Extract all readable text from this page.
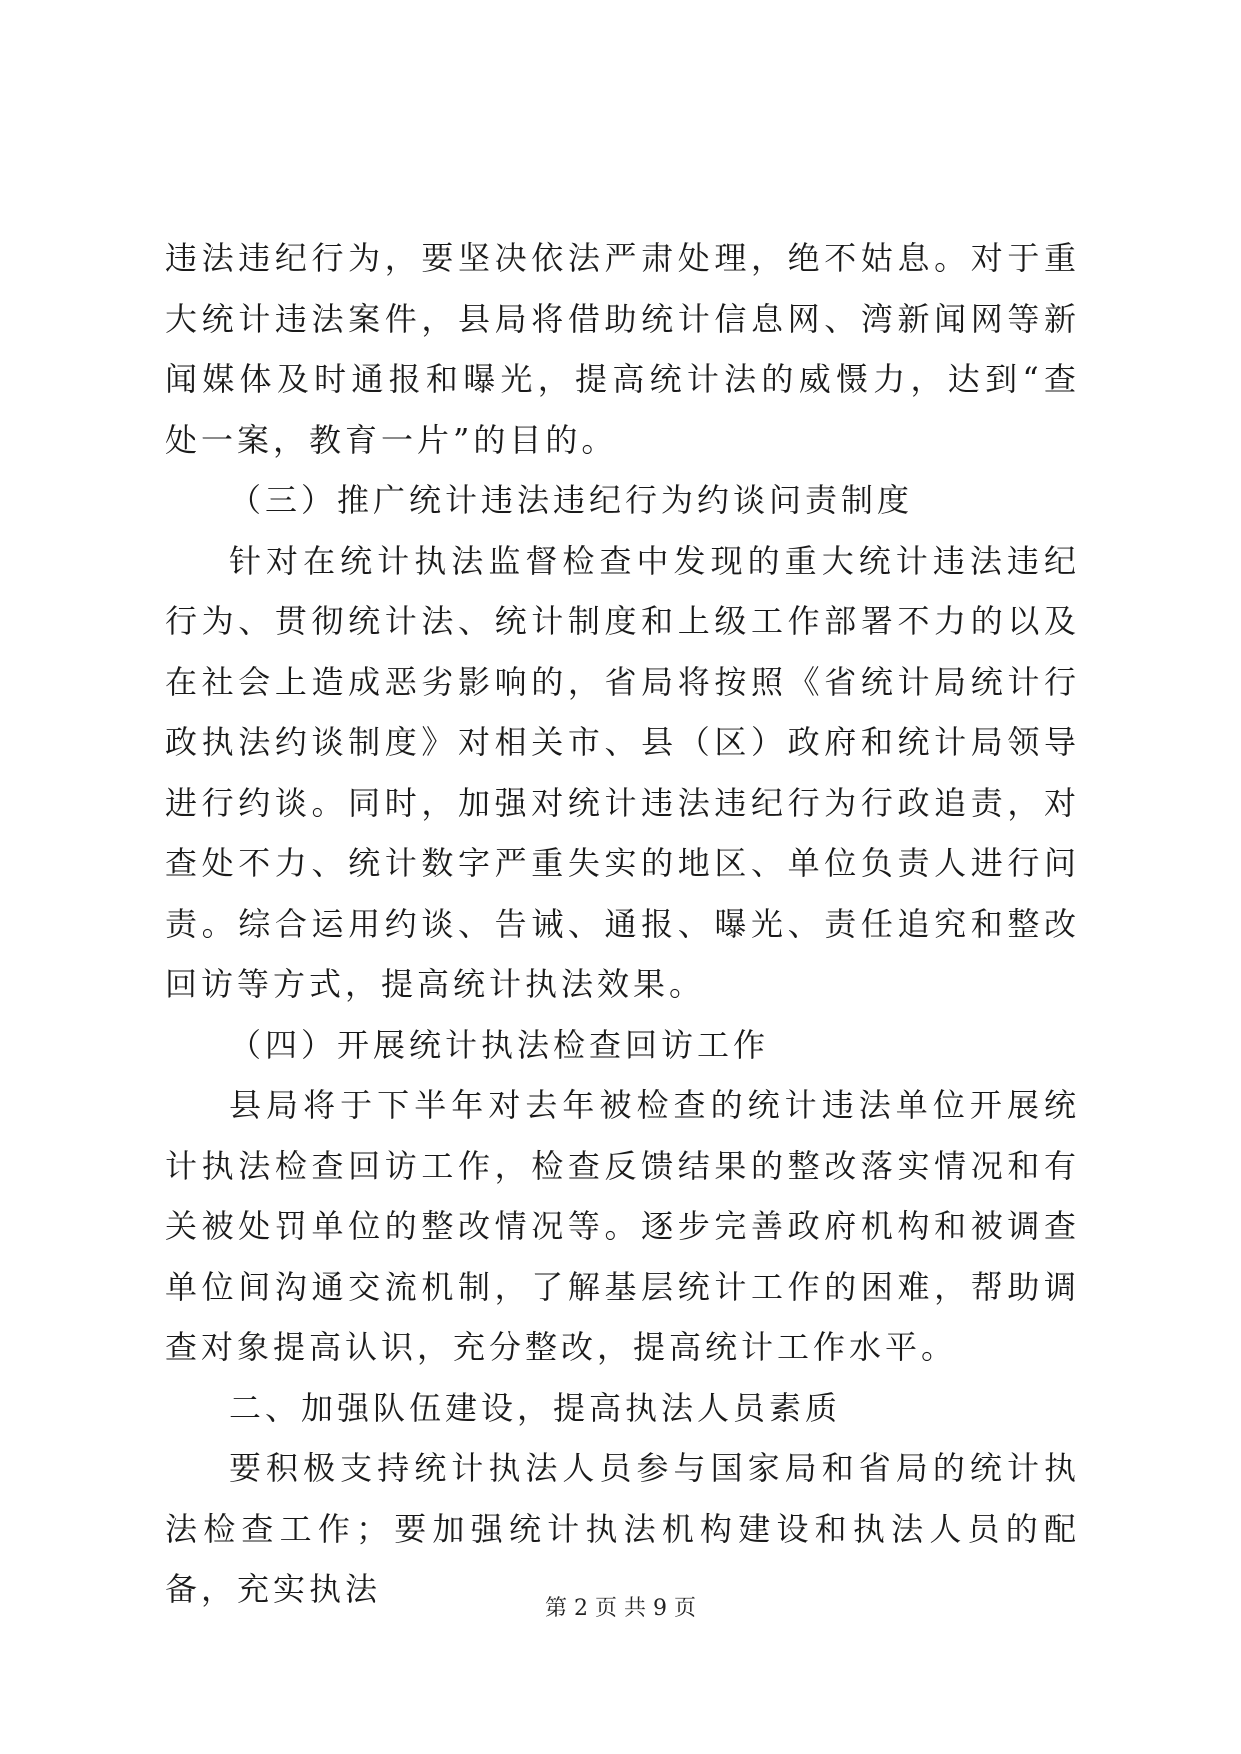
违法违纪行为，要坚决依法严肃处理，绝不姑息。对于重大统计违法案件，县局将借助统计信息网、湾新闻网等新闻媒体及时通报和曝光，提高统计法的威慑力，达到“查处一案，教育一片”的目的。

（三）推广统计违法违纪行为约谈问责制度

针对在统计执法监督检查中发现的重大统计违法违纪行为、贯彻统计法、统计制度和上级工作部署不力的以及在社会上造成恶劣影响的，省局将按照《省统计局统计行政执法约谈制度》对相关市、县（区）政府和统计局领导进行约谈。同时，加强对统计违法违纪行为行政追责，对查处不力、统计数字严重失实的地区、单位负责人进行问责。综合运用约谈、告诫、通报、曝光、责任追究和整改回访等方式，提高统计执法效果。

（四）开展统计执法检查回访工作

县局将于下半年对去年被检查的统计违法单位开展统计执法检查回访工作，检查反馈结果的整改落实情况和有关被处罚单位的整改情况等。逐步完善政府机构和被调查单位间沟通交流机制，了解基层统计工作的困难，帮助调查对象提高认识，充分整改，提高统计工作水平。

二、加强队伍建设，提高执法人员素质

要积极支持统计执法人员参与国家局和省局的统计执法检查工作；要加强统计执法机构建设和执法人员的配备，充实执法

第 2 页 共 9 页
